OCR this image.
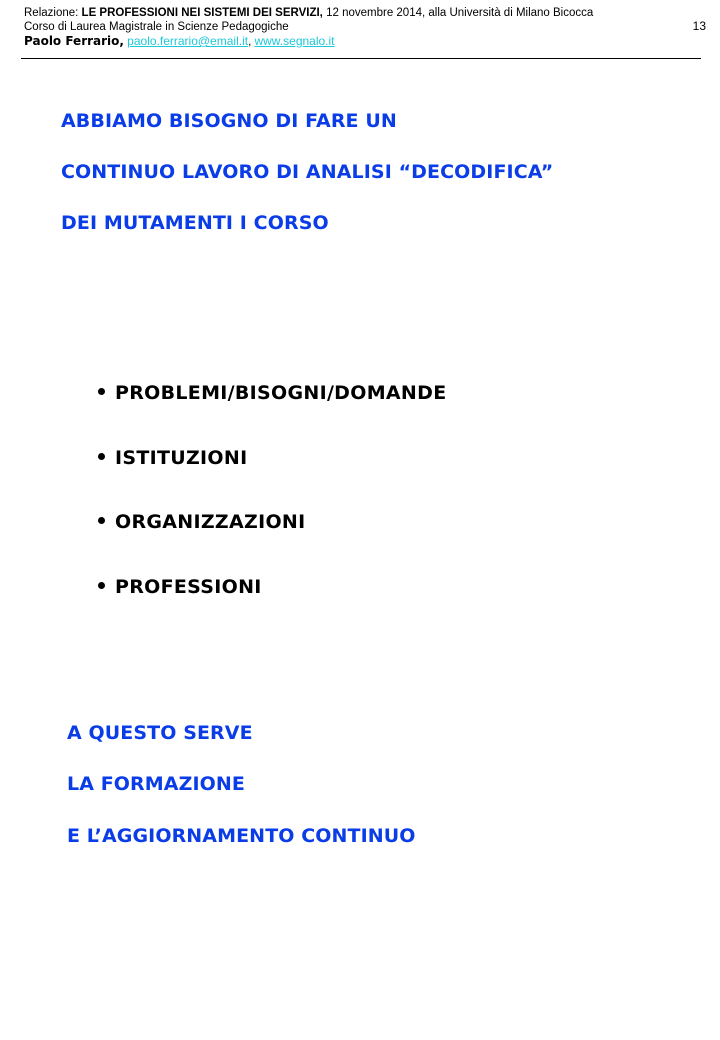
Relazione: LE PROFESSIONI NEI SISTEMI DEI SERVIZI, 12 novembre 2014, alla Università di Milano Bicocca
Corso di Laurea Magistrale in Scienze Pedagogiche
Paolo Ferrario, paolo.ferrario@email.it, www.segnalo.it
13
ABBIAMO BISOGNO DI FARE UN
CONTINUO LAVORO DI ANALISI “DECODIFICA”
DEI MUTAMENTI I CORSO
PROBLEMI/BISOGNI/DOMANDE
ISTITUZIONI
ORGANIZZAZIONI
PROFESSIONI
A QUESTO SERVE
LA FORMAZIONE
E L’AGGIORNAMENTO CONTINUO
